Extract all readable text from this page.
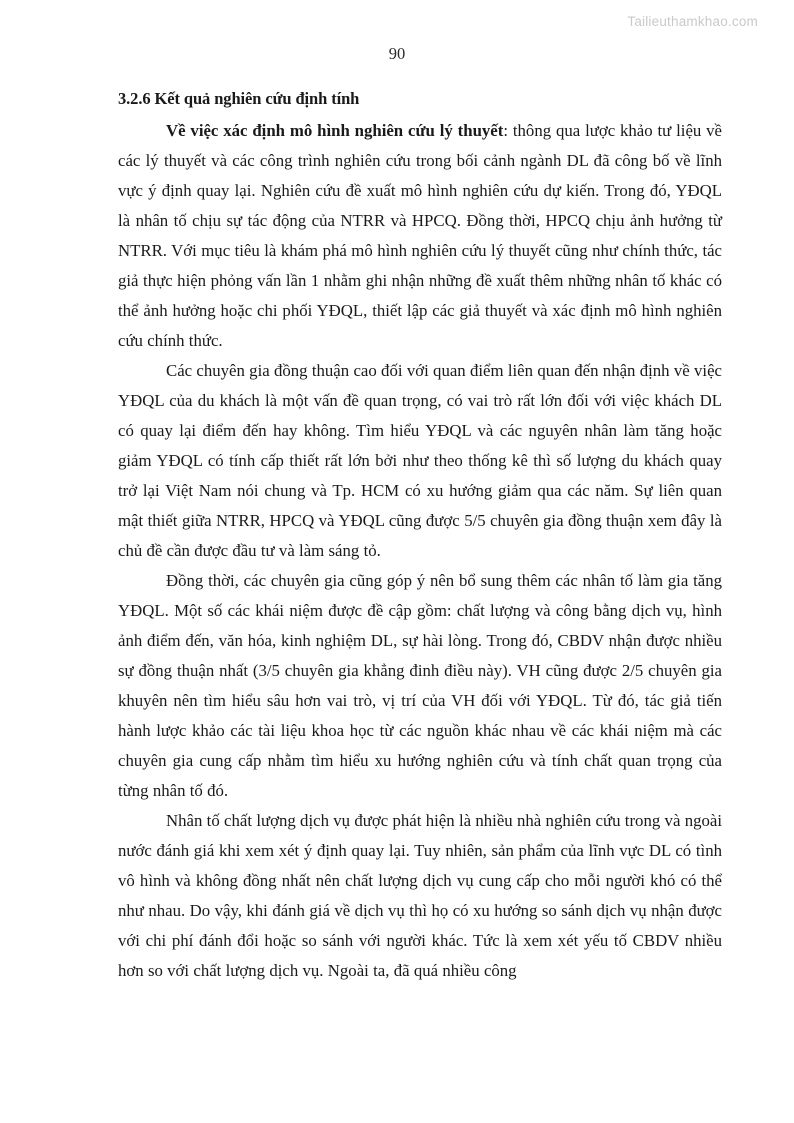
Tailieuthamkhao.com
90
3.2.6 Kết quả nghiên cứu định tính

Về việc xác định mô hình nghiên cứu lý thuyết: thông qua lược khảo tư liệu về các lý thuyết và các công trình nghiên cứu trong bối cảnh ngành DL đã công bố về lĩnh vực ý định quay lại. Nghiên cứu đề xuất mô hình nghiên cứu dự kiến. Trong đó, YĐQL là nhân tố chịu sự tác động của NTRR và HPCQ. Đồng thời, HPCQ chịu ảnh hưởng từ NTRR. Với mục tiêu là khám phá mô hình nghiên cứu lý thuyết cũng như chính thức, tác giả thực hiện phỏng vấn lần 1 nhằm ghi nhận những đề xuất thêm những nhân tố khác có thể ảnh hưởng hoặc chi phối YĐQL, thiết lập các giả thuyết và xác định mô hình nghiên cứu chính thức.

Các chuyên gia đồng thuận cao đối với quan điểm liên quan đến nhận định về việc YĐQL của du khách là một vấn đề quan trọng, có vai trò rất lớn đối với việc khách DL có quay lại điểm đến hay không. Tìm hiểu YĐQL và các nguyên nhân làm tăng hoặc giảm YĐQL có tính cấp thiết rất lớn bởi như theo thống kê thì số lượng du khách quay trở lại Việt Nam nói chung và Tp. HCM có xu hướng giảm qua các năm. Sự liên quan mật thiết giữa NTRR, HPCQ và YĐQL cũng được 5/5 chuyên gia đồng thuận xem đây là chủ đề cần được đầu tư và làm sáng tỏ.

Đồng thời, các chuyên gia cũng góp ý nên bổ sung thêm các nhân tố làm gia tăng YĐQL. Một số các khái niệm được đề cập gồm: chất lượng và công bằng dịch vụ, hình ảnh điểm đến, văn hóa, kinh nghiệm DL, sự hài lòng. Trong đó, CBDV nhận được nhiều sự đồng thuận nhất (3/5 chuyên gia khẳng đinh điều này). VH cũng được 2/5 chuyên gia khuyên nên tìm hiểu sâu hơn vai trò, vị trí của VH đối với YĐQL. Từ đó, tác giả tiến hành lược khảo các tài liệu khoa học từ các nguồn khác nhau về các khái niệm mà các chuyên gia cung cấp nhằm tìm hiểu xu hướng nghiên cứu và tính chất quan trọng của từng nhân tố đó.

Nhân tố chất lượng dịch vụ được phát hiện là nhiều nhà nghiên cứu trong và ngoài nước đánh giá khi xem xét ý định quay lại. Tuy nhiên, sản phẩm của lĩnh vực DL có tình vô hình và không đồng nhất nên chất lượng dịch vụ cung cấp cho mỗi người khó có thể như nhau. Do vậy, khi đánh giá về dịch vụ thì họ có xu hướng so sánh dịch vụ nhận được với chi phí đánh đổi hoặc so sánh với người khác. Tức là xem xét yếu tố CBDV nhiều hơn so với chất lượng dịch vụ. Ngoài ta, đã quá nhiều công
